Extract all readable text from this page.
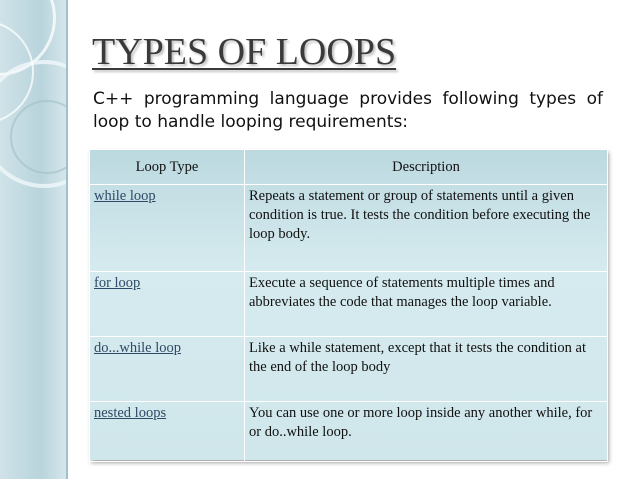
TYPES OF LOOPS
C++ programming language provides following types of loop to handle looping requirements:
Loop Type	Description
while loop	Repeats a statement or group of statements until a given condition is true. It tests the condition before executing the loop body.
for loop	Execute a sequence of statements multiple times and abbreviates the code that manages the loop variable.
do...while loop	Like a while statement, except that it tests the condition at the end of the loop body
nested loops	You can use one or more loop inside any another while, for or do..while loop.
